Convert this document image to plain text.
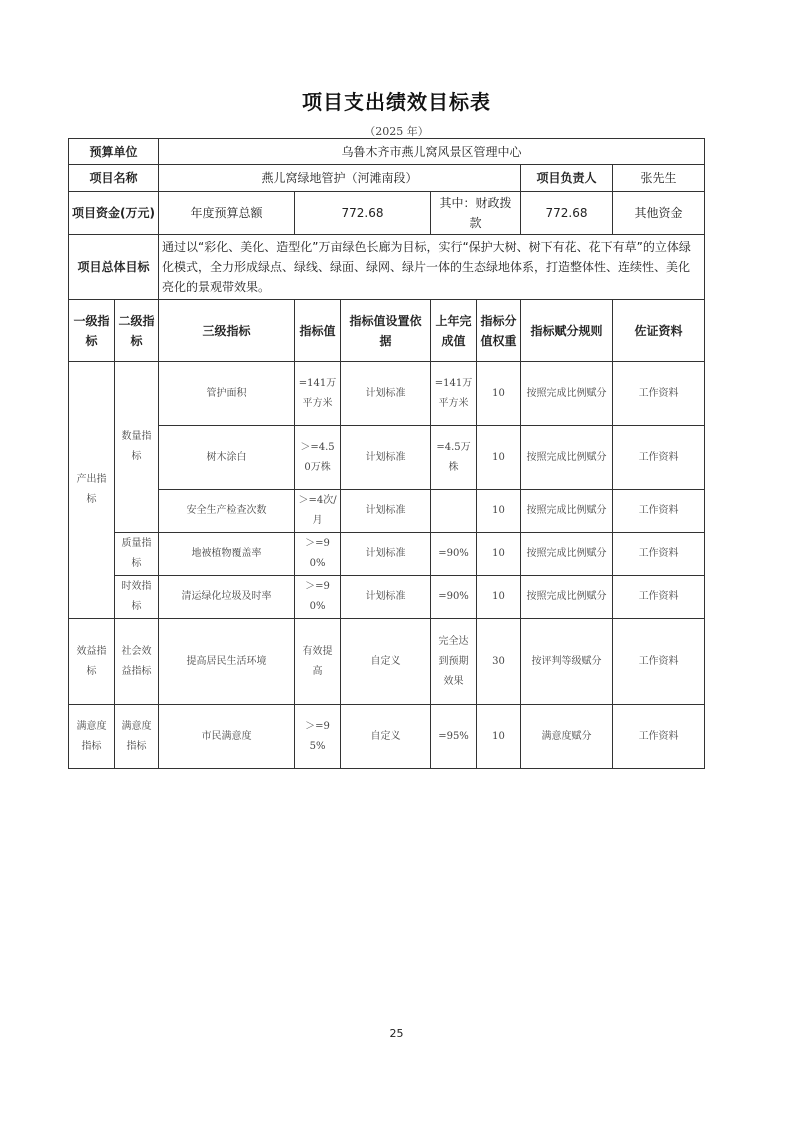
项目支出绩效目标表
（2025 年）
预算单位		乌鲁木齐市燕儿窝风景区管理中心						
项目名称		燕儿窝绿地管护（河滩南段）					项目负责人	张先生
项目资金(万元)		年度预算总额	772.68		其中：财政拨款		772.68	其他资金
项目总体目标		通过以“彩化、美化、造型化”万亩绿色长廊为目标，实行“保护大树、树下有花、花下有草”的立体绿化模式，全力形成绿点、绿线、绿面、绿网、绿片一体的生态绿地体系，打造整体性、连续性、美化亮化的景观带效果。						
一级指标	二级指标	三级指标	指标值	指标值设置依据	上年完成值	指标分值权重	指标赋分规则	佐证资料
产出指标	数量指标	管护面积	=141万平方米	计划标准	=141万平方米	10	按照完成比例赋分	工作资料
		树木涂白	＞=4.50万株	计划标准	=4.5万株	10	按照完成比例赋分	工作资料
		安全生产检查次数	＞=4次/月	计划标准		10	按照完成比例赋分	工作资料
	质量指标	地被植物覆盖率	＞=90%	计划标准	=90%	10	按照完成比例赋分	工作资料
	时效指标	清运绿化垃圾及时率	＞=90%	计划标准	=90%	10	按照完成比例赋分	工作资料
效益指标	社会效益指标	提高居民生活环境	有效提高	自定义	完全达到预期效果	30	按评判等级赋分	工作资料
满意度指标	满意度指标	市民满意度	＞=95%	自定义	=95%	10	满意度赋分	工作资料
25
